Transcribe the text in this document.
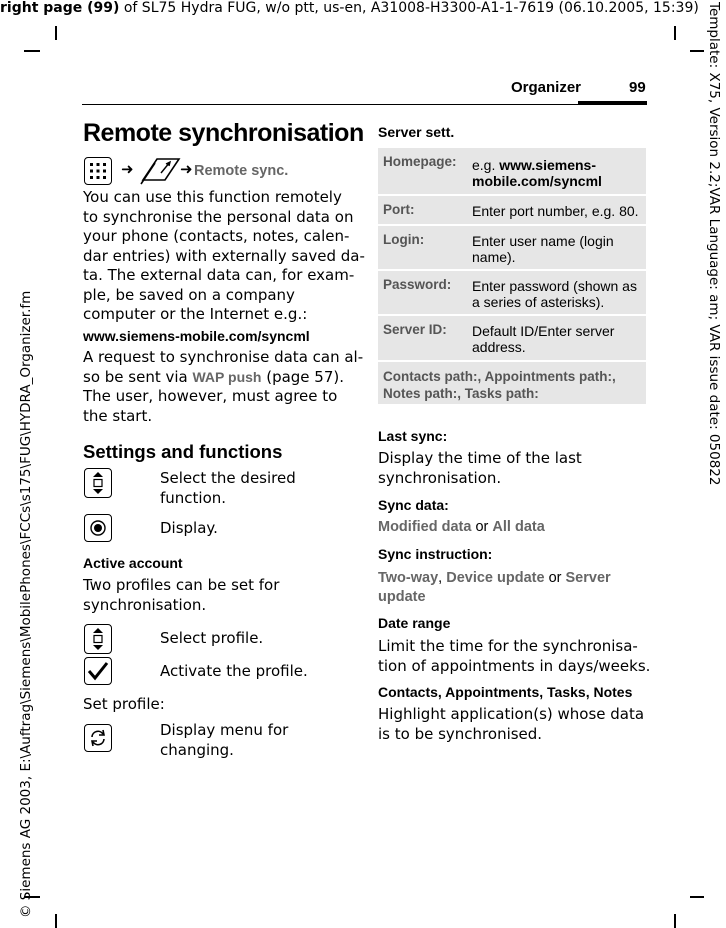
right page (99) of SL75 Hydra FUG, w/o ptt, us-en, A31008-H3300-A1-1-7619 (06.10.2005, 15:39)
© Siemens AG 2003, E:\Auftrag\Siemens\MobilePhones\FCCs\s175\FUG\HYDRA_Organizer.fm
Template: X75, Version 2.2;VAR Language: am; VAR issue date: 050822
Organizer	99
Remote synchronisation
➜	➜ Remote sync.
You can use this function remotely
to synchronise the personal data on
your phone (contacts, notes, calen-
dar entries) with externally saved da-
ta. The external data can, for exam-
ple, be saved on a company
computer or the Internet e.g.:
www.siemens-mobile.com/syncml
A request to synchronise data can al-
so be sent via WAP push (page 57).
The user, however, must agree to
the start.
Settings and functions
Select the desired
function.
Display.
Active account
Two profiles can be set for
synchronisation.
Select profile.
Activate the profile.
Set profile:
Display menu for
changing.
Server sett.
Homepage: e.g. www.siemens-
mobile.com/syncml
Port:	Enter port number, e.g. 80.
Login:	Enter user name (login
name).
Password: Enter password (shown as
a series of asterisks).
Server ID: Default ID/Enter server
address.
Contacts path:, Appointments path:,
Notes path:, Tasks path:
Last sync:
Display the time of the last
synchronisation.
Sync data:
Modified data or All data
Sync instruction:
Two-way, Device update or Server
update
Date range
Limit the time for the synchronisa-
tion of appointments in days/weeks.
Contacts, Appointments, Tasks, Notes
Highlight application(s) whose data
is to be synchronised.
